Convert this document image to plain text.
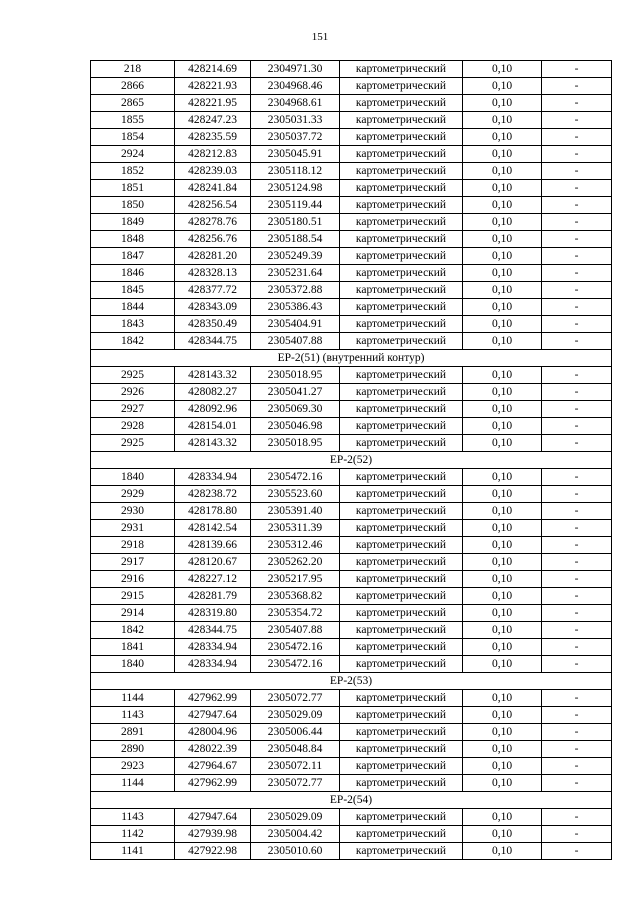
151
218	428214.69	2304971.30	картометрический	0,10	-
2866	428221.93	2304968.46	картометрический	0,10	-
2865	428221.95	2304968.61	картометрический	0,10	-
1855	428247.23	2305031.33	картометрический	0,10	-
1854	428235.59	2305037.72	картометрический	0,10	-
2924	428212.83	2305045.91	картометрический	0,10	-
1852	428239.03	2305118.12	картометрический	0,10	-
1851	428241.84	2305124.98	картометрический	0,10	-
1850	428256.54	2305119.44	картометрический	0,10	-
1849	428278.76	2305180.51	картометрический	0,10	-
1848	428256.76	2305188.54	картометрический	0,10	-
1847	428281.20	2305249.39	картометрический	0,10	-
1846	428328.13	2305231.64	картометрический	0,10	-
1845	428377.72	2305372.88	картометрический	0,10	-
1844	428343.09	2305386.43	картометрический	0,10	-
1843	428350.49	2305404.91	картометрический	0,10	-
1842	428344.75	2305407.88	картометрический	0,10	-
ЕР-2(51) (внутренний контур)					
2925	428143.32	2305018.95	картометрический	0,10	-
2926	428082.27	2305041.27	картометрический	0,10	-
2927	428092.96	2305069.30	картометрический	0,10	-
2928	428154.01	2305046.98	картометрический	0,10	-
2925	428143.32	2305018.95	картометрический	0,10	-
ЕР-2(52)					
1840	428334.94	2305472.16	картометрический	0,10	-
2929	428238.72	2305523.60	картометрический	0,10	-
2930	428178.80	2305391.40	картометрический	0,10	-
2931	428142.54	2305311.39	картометрический	0,10	-
2918	428139.66	2305312.46	картометрический	0,10	-
2917	428120.67	2305262.20	картометрический	0,10	-
2916	428227.12	2305217.95	картометрический	0,10	-
2915	428281.79	2305368.82	картометрический	0,10	-
2914	428319.80	2305354.72	картометрический	0,10	-
1842	428344.75	2305407.88	картометрический	0,10	-
1841	428334.94	2305472.16	картометрический	0,10	-
1840	428334.94	2305472.16	картометрический	0,10	-
ЕР-2(53)					
1144	427962.99	2305072.77	картометрический	0,10	-
1143	427947.64	2305029.09	картометрический	0,10	-
2891	428004.96	2305006.44	картометрический	0,10	-
2890	428022.39	2305048.84	картометрический	0,10	-
2923	427964.67	2305072.11	картометрический	0,10	-
1144	427962.99	2305072.77	картометрический	0,10	-
ЕР-2(54)					
1143	427947.64	2305029.09	картометрический	0,10	-
1142	427939.98	2305004.42	картометрический	0,10	-
1141	427922.98	2305010.60	картометрический	0,10	-
